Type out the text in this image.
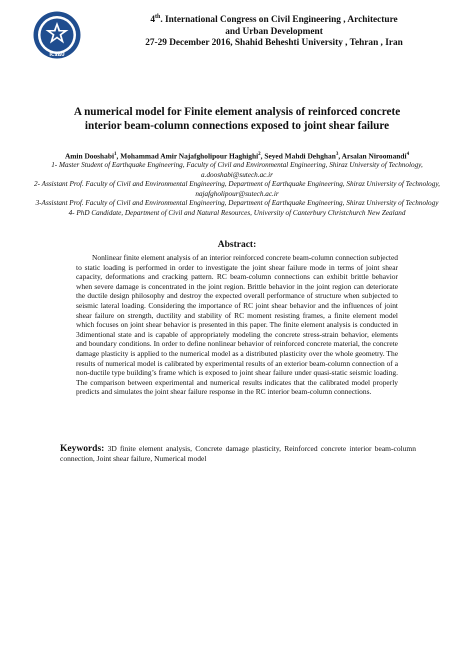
ICSAU
4th. International Congress on Civil Engineering , Architecture
and Urban Development
27-29 December 2016, Shahid Beheshti University , Tehran , Iran
A numerical model for Finite element analysis of reinforced concrete
interior beam-column connections exposed to joint shear failure
Amin Dooshabi$^1$, Mohammad Amir Najafgholipour Haghighi$^2$, Seyed Mahdi Dehghan$^3$, Arsalan Niroomandi$^4$

1- Master Student of Earthquake Engineering, Faculty of Civil and Environmental Engineering, Shiraz University of Technology, a.dooshabi@sutech.ac.ir

2- Assistant Prof. Faculty of Civil and Environmental Engineering, Department of Earthquake Engineering, Shiraz University of Technology, najafgholipour@sutech.ac.ir

3-Assistant Prof. Faculty of Civil and Environmental Engineering, Department of Earthquake Engineering, Shiraz University of Technology

4- PhD Candidate, Department of Civil and Natural Resources, University of Canterbury Christchurch New Zealand

Abstract:

Nonlinear finite element analysis of an interior reinforced concrete beam-column connection subjected to static loading is performed in order to investigate the joint shear failure mode in terms of joint shear capacity, deformations and cracking pattern. RC beam-column connections can exhibit brittle behavior when severe damage is concentrated in the joint region. Brittle behavior in the joint region can deteriorate the ductile design philosophy and destroy the expected overall performance of structure when subjected to seismic lateral loading. Considering the importance of RC joint shear behavior and the influences of joint shear failure on strength, ductility and stability of RC moment resisting frames, a finite element model which focuses on joint shear behavior is presented in this paper. The finite element analysis is conducted in 3dimentional state and is capable of appropriately modeling the concrete stress-strain behavior, elements and boundary conditions. In order to define nonlinear behavior of reinforced concrete material, the concrete damage plasticity is applied to the numerical model as a distributed plasticity over the whole geometry. The results of numerical model is calibrated by experimental results of an exterior beam-column connection of a non-ductile type building’s frame which is exposed to joint shear failure under quasi-static seismic loading. The comparison between experimental and numerical results indicates that the calibrated model properly predicts and simulates the joint shear failure response in the RC interior beam-column connections.

Keywords: 3D finite element analysis, Concrete damage plasticity, Reinforced concrete interior beam-column connection, Joint shear failure, Numerical model
